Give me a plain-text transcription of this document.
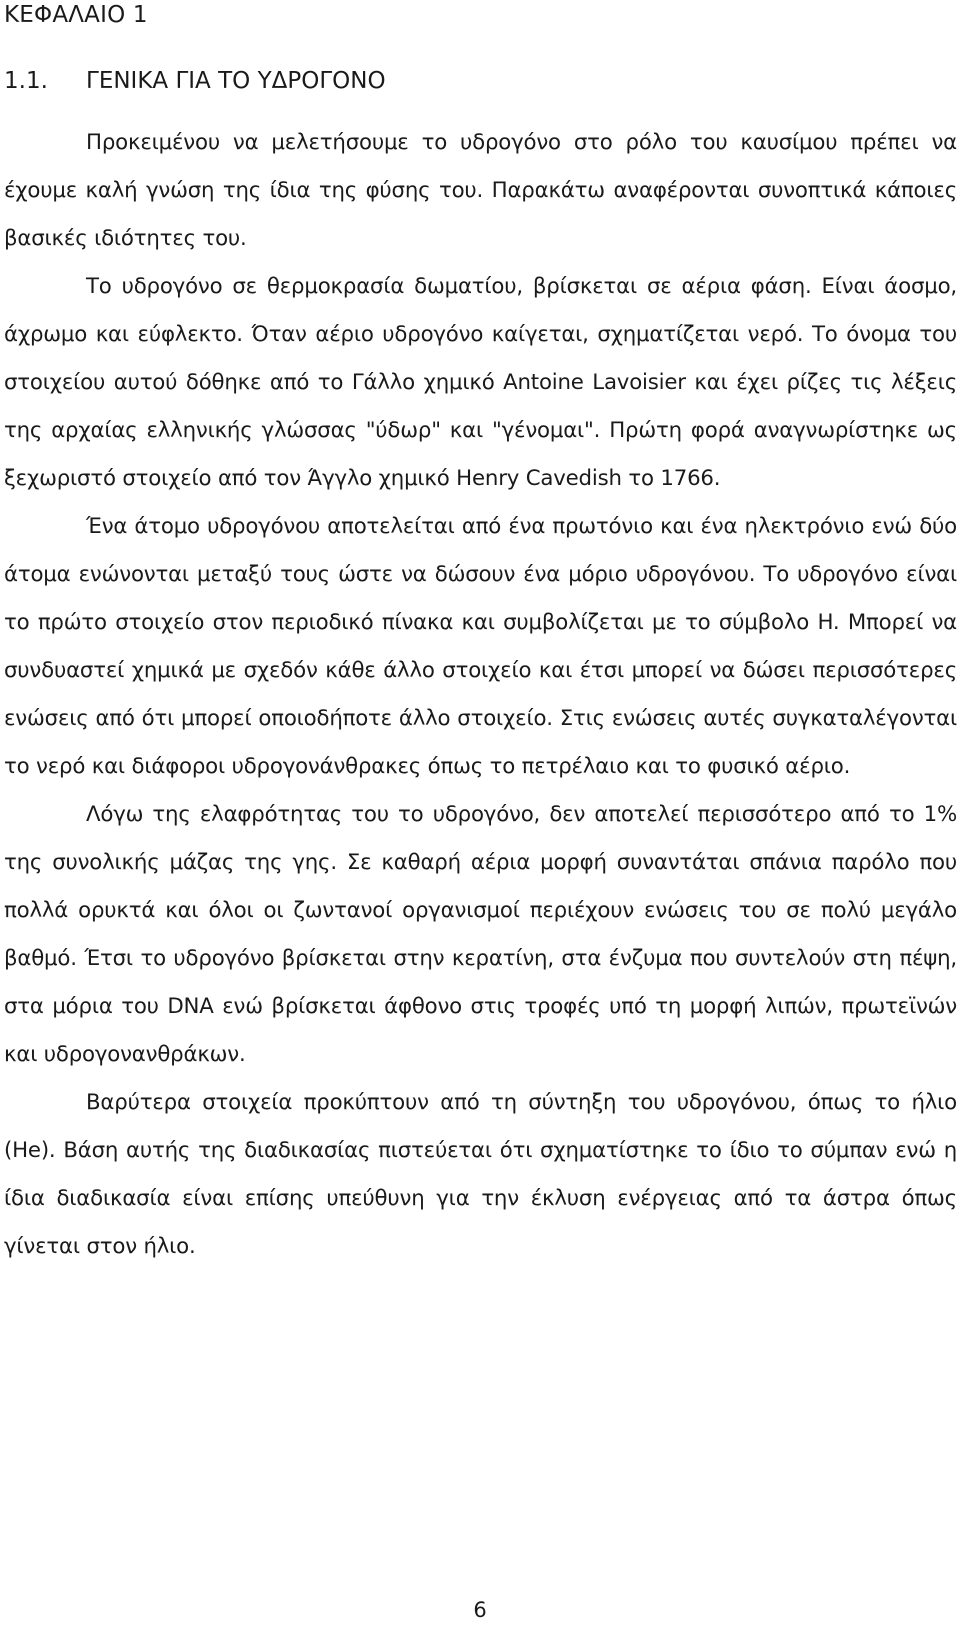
ΚΕΦΑΛΑΙΟ 1
1.1. ΓΕΝΙΚΑ ΓΙΑ ΤΟ ΥΔΡΟΓΟΝΟ

Προκειμένου να μελετήσουμε το υδρογόνο στο ρόλο του καυσίμου πρέπει να έχουμε καλή γνώση της ίδια της φύσης του. Παρακάτω αναφέρονται συνοπτικά κάποιες βασικές ιδιότητες του.

Το υδρογόνο σε θερμοκρασία δωματίου, βρίσκεται σε αέρια φάση. Είναι άοσμο, άχρωμο και εύφλεκτο. Όταν αέριο υδρογόνο καίγεται, σχηματίζεται νερό. Το όνομα του στοιχείου αυτού δόθηκε από το Γάλλο χημικό Antoine Lavoisier και έχει ρίζες τις λέξεις της αρχαίας ελληνικής γλώσσας "ύδωρ" και "γένομαι". Πρώτη φορά αναγνωρίστηκε ως ξεχωριστό στοιχείο από τον Άγγλο χημικό Henry Cavedish το 1766.

Ένα άτομο υδρογόνου αποτελείται από ένα πρωτόνιο και ένα ηλεκτρόνιο ενώ δύο άτομα ενώνονται μεταξύ τους ώστε να δώσουν ένα μόριο υδρογόνου. Το υδρογόνο είναι το πρώτο στοιχείο στον περιοδικό πίνακα και συμβολίζεται με το σύμβολο H. Μπορεί να συνδυαστεί χημικά με σχεδόν κάθε άλλο στοιχείο και έτσι μπορεί να δώσει περισσότερες ενώσεις από ότι μπορεί οποιοδήποτε άλλο στοιχείο. Στις ενώσεις αυτές συγκαταλέγονται το νερό και διάφοροι υδρογονάνθρακες όπως το πετρέλαιο και το φυσικό αέριο.

Λόγω της ελαφρότητας του το υδρογόνο, δεν αποτελεί περισσότερο από το 1% της συνολικής μάζας της γης. Σε καθαρή αέρια μορφή συναντάται σπάνια παρόλο που πολλά ορυκτά και όλοι οι ζωντανοί οργανισμοί περιέχουν ενώσεις του σε πολύ μεγάλο βαθμό. Έτσι το υδρογόνο βρίσκεται στην κερατίνη, στα ένζυμα που συντελούν στη πέψη, στα μόρια του DNA ενώ βρίσκεται άφθονο στις τροφές υπό τη μορφή λιπών, πρωτεϊνών και υδρογονανθράκων.

Βαρύτερα στοιχεία προκύπτουν από τη σύντηξη του υδρογόνου, όπως το ήλιο (He). Βάση αυτής της διαδικασίας πιστεύεται ότι σχηματίστηκε το ίδιο το σύμπαν ενώ η ίδια διαδικασία είναι επίσης υπεύθυνη για την έκλυση ενέργειας από τα άστρα όπως γίνεται στον ήλιο.

6
